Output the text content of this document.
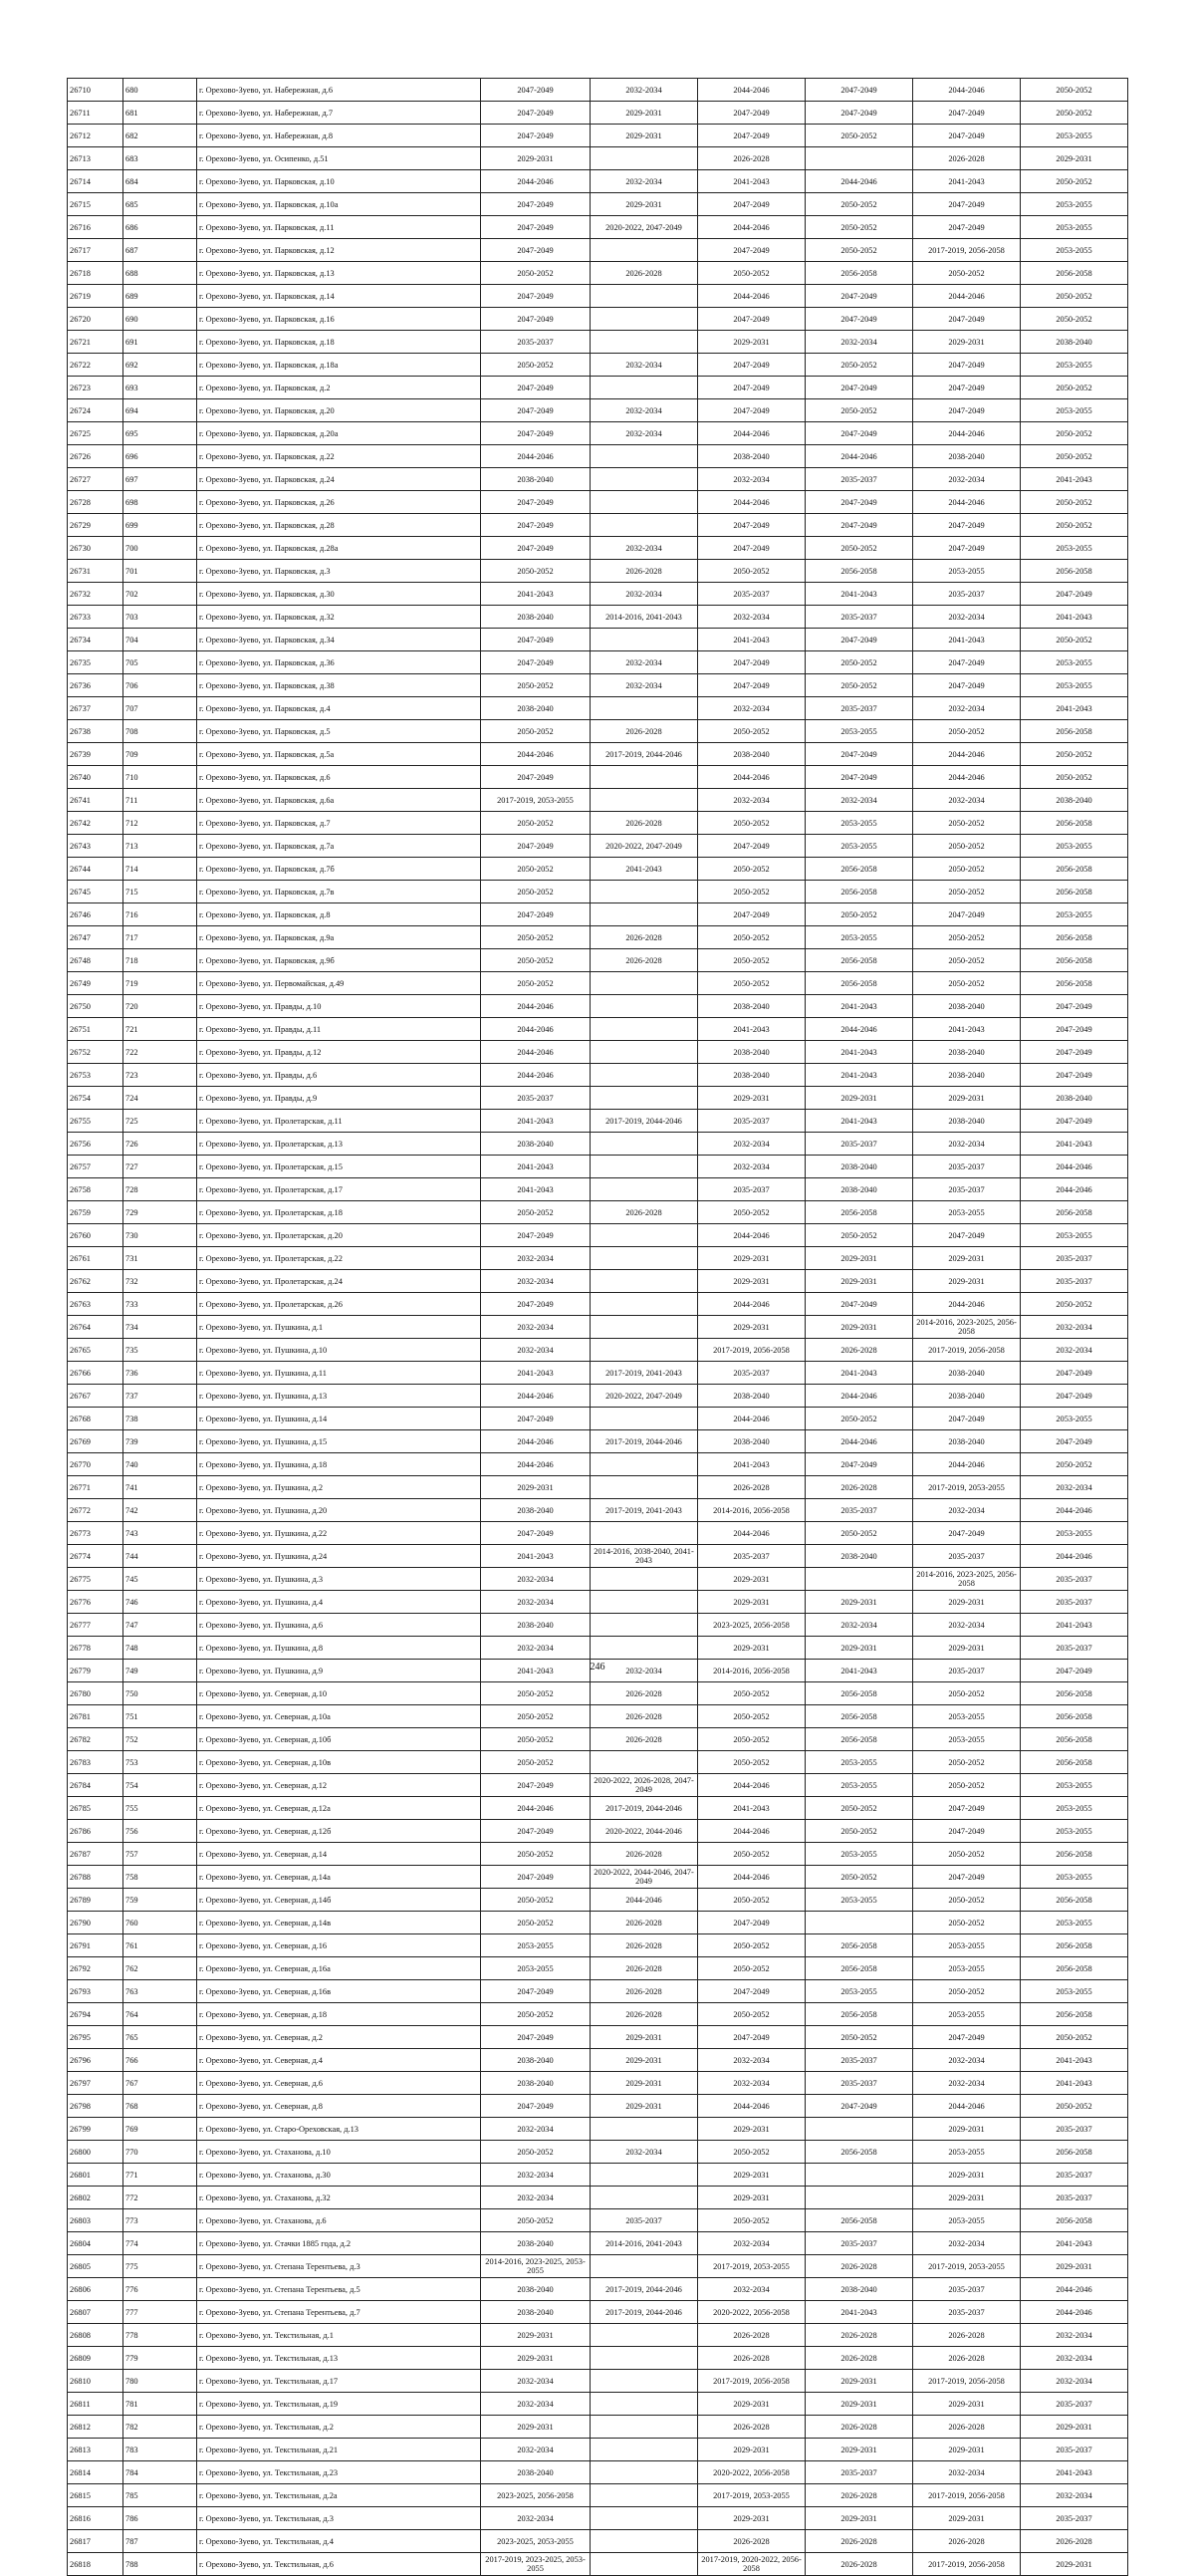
26710	680	г. Орехово-Зуево, ул. Набережная, д.6	2047-2049	2032-2034	2044-2046	2047-2049	2044-2046	2050-2052
26711	681	г. Орехово-Зуево, ул. Набережная, д.7	2047-2049	2029-2031	2047-2049	2047-2049	2047-2049	2050-2052
26712	682	г. Орехово-Зуево, ул. Набережная, д.8	2047-2049	2029-2031	2047-2049	2050-2052	2047-2049	2053-2055
26713	683	г. Орехово-Зуево, ул. Осипенко, д.51	2029-2031		2026-2028		2026-2028	2029-2031
26714	684	г. Орехово-Зуево, ул. Парковская, д.10	2044-2046	2032-2034	2041-2043	2044-2046	2041-2043	2050-2052
26715	685	г. Орехово-Зуево, ул. Парковская, д.10а	2047-2049	2029-2031	2047-2049	2050-2052	2047-2049	2053-2055
26716	686	г. Орехово-Зуево, ул. Парковская, д.11	2047-2049	2020-2022, 2047-2049	2044-2046	2050-2052	2047-2049	2053-2055
26717	687	г. Орехово-Зуево, ул. Парковская, д.12	2047-2049		2047-2049	2050-2052	2017-2019, 2056-2058	2053-2055
26718	688	г. Орехово-Зуево, ул. Парковская, д.13	2050-2052	2026-2028	2050-2052	2056-2058	2050-2052	2056-2058
26719	689	г. Орехово-Зуево, ул. Парковская, д.14	2047-2049		2044-2046	2047-2049	2044-2046	2050-2052
26720	690	г. Орехово-Зуево, ул. Парковская, д.16	2047-2049		2047-2049	2047-2049	2047-2049	2050-2052
26721	691	г. Орехово-Зуево, ул. Парковская, д.18	2035-2037		2029-2031	2032-2034	2029-2031	2038-2040
26722	692	г. Орехово-Зуево, ул. Парковская, д.18а	2050-2052	2032-2034	2047-2049	2050-2052	2047-2049	2053-2055
26723	693	г. Орехово-Зуево, ул. Парковская, д.2	2047-2049		2047-2049	2047-2049	2047-2049	2050-2052
26724	694	г. Орехово-Зуево, ул. Парковская, д.20	2047-2049	2032-2034	2047-2049	2050-2052	2047-2049	2053-2055
26725	695	г. Орехово-Зуево, ул. Парковская, д.20а	2047-2049	2032-2034	2044-2046	2047-2049	2044-2046	2050-2052
26726	696	г. Орехово-Зуево, ул. Парковская, д.22	2044-2046		2038-2040	2044-2046	2038-2040	2050-2052
26727	697	г. Орехово-Зуево, ул. Парковская, д.24	2038-2040		2032-2034	2035-2037	2032-2034	2041-2043
26728	698	г. Орехово-Зуево, ул. Парковская, д.26	2047-2049		2044-2046	2047-2049	2044-2046	2050-2052
26729	699	г. Орехово-Зуево, ул. Парковская, д.28	2047-2049		2047-2049	2047-2049	2047-2049	2050-2052
26730	700	г. Орехово-Зуево, ул. Парковская, д.28а	2047-2049	2032-2034	2047-2049	2050-2052	2047-2049	2053-2055
26731	701	г. Орехово-Зуево, ул. Парковская, д.3	2050-2052	2026-2028	2050-2052	2056-2058	2053-2055	2056-2058
26732	702	г. Орехово-Зуево, ул. Парковская, д.30	2041-2043	2032-2034	2035-2037	2041-2043	2035-2037	2047-2049
26733	703	г. Орехово-Зуево, ул. Парковская, д.32	2038-2040	2014-2016, 2041-2043	2032-2034	2035-2037	2032-2034	2041-2043
26734	704	г. Орехово-Зуево, ул. Парковская, д.34	2047-2049		2041-2043	2047-2049	2041-2043	2050-2052
26735	705	г. Орехово-Зуево, ул. Парковская, д.36	2047-2049	2032-2034	2047-2049	2050-2052	2047-2049	2053-2055
26736	706	г. Орехово-Зуево, ул. Парковская, д.38	2050-2052	2032-2034	2047-2049	2050-2052	2047-2049	2053-2055
26737	707	г. Орехово-Зуево, ул. Парковская, д.4	2038-2040		2032-2034	2035-2037	2032-2034	2041-2043
26738	708	г. Орехово-Зуево, ул. Парковская, д.5	2050-2052	2026-2028	2050-2052	2053-2055	2050-2052	2056-2058
26739	709	г. Орехово-Зуево, ул. Парковская, д.5а	2044-2046	2017-2019, 2044-2046	2038-2040	2047-2049	2044-2046	2050-2052
26740	710	г. Орехово-Зуево, ул. Парковская, д.6	2047-2049		2044-2046	2047-2049	2044-2046	2050-2052
26741	711	г. Орехово-Зуево, ул. Парковская, д.6а	2017-2019, 2053-2055		2032-2034	2032-2034	2032-2034	2038-2040
26742	712	г. Орехово-Зуево, ул. Парковская, д.7	2050-2052	2026-2028	2050-2052	2053-2055	2050-2052	2056-2058
26743	713	г. Орехово-Зуево, ул. Парковская, д.7а	2047-2049	2020-2022, 2047-2049	2047-2049	2053-2055	2050-2052	2053-2055
26744	714	г. Орехово-Зуево, ул. Парковская, д.7б	2050-2052	2041-2043	2050-2052	2056-2058	2050-2052	2056-2058
26745	715	г. Орехово-Зуево, ул. Парковская, д.7в	2050-2052		2050-2052	2056-2058	2050-2052	2056-2058
26746	716	г. Орехово-Зуево, ул. Парковская, д.8	2047-2049		2047-2049	2050-2052	2047-2049	2053-2055
26747	717	г. Орехово-Зуево, ул. Парковская, д.9а	2050-2052	2026-2028	2050-2052	2053-2055	2050-2052	2056-2058
26748	718	г. Орехово-Зуево, ул. Парковская, д.9б	2050-2052	2026-2028	2050-2052	2056-2058	2050-2052	2056-2058
26749	719	г. Орехово-Зуево, ул. Первомайская, д.49	2050-2052		2050-2052	2056-2058	2050-2052	2056-2058
26750	720	г. Орехово-Зуево, ул. Правды, д.10	2044-2046		2038-2040	2041-2043	2038-2040	2047-2049
26751	721	г. Орехово-Зуево, ул. Правды, д.11	2044-2046		2041-2043	2044-2046	2041-2043	2047-2049
26752	722	г. Орехово-Зуево, ул. Правды, д.12	2044-2046		2038-2040	2041-2043	2038-2040	2047-2049
26753	723	г. Орехово-Зуево, ул. Правды, д.6	2044-2046		2038-2040	2041-2043	2038-2040	2047-2049
26754	724	г. Орехово-Зуево, ул. Правды, д.9	2035-2037		2029-2031	2029-2031	2029-2031	2038-2040
26755	725	г. Орехово-Зуево, ул. Пролетарская, д.11	2041-2043	2017-2019, 2044-2046	2035-2037	2041-2043	2038-2040	2047-2049
26756	726	г. Орехово-Зуево, ул. Пролетарская, д.13	2038-2040		2032-2034	2035-2037	2032-2034	2041-2043
26757	727	г. Орехово-Зуево, ул. Пролетарская, д.15	2041-2043		2032-2034	2038-2040	2035-2037	2044-2046
26758	728	г. Орехово-Зуево, ул. Пролетарская, д.17	2041-2043		2035-2037	2038-2040	2035-2037	2044-2046
26759	729	г. Орехово-Зуево, ул. Пролетарская, д.18	2050-2052	2026-2028	2050-2052	2056-2058	2053-2055	2056-2058
26760	730	г. Орехово-Зуево, ул. Пролетарская, д.20	2047-2049		2044-2046	2050-2052	2047-2049	2053-2055
26761	731	г. Орехово-Зуево, ул. Пролетарская, д.22	2032-2034		2029-2031	2029-2031	2029-2031	2035-2037
26762	732	г. Орехово-Зуево, ул. Пролетарская, д.24	2032-2034		2029-2031	2029-2031	2029-2031	2035-2037
26763	733	г. Орехово-Зуево, ул. Пролетарская, д.26	2047-2049		2044-2046	2047-2049	2044-2046	2050-2052
26764	734	г. Орехово-Зуево, ул. Пушкина, д.1	2032-2034		2029-2031	2029-2031	2014-2016, 2023-2025, 2056-2058	2032-2034
26765	735	г. Орехово-Зуево, ул. Пушкина, д.10	2032-2034		2017-2019, 2056-2058	2026-2028	2017-2019, 2056-2058	2032-2034
26766	736	г. Орехово-Зуево, ул. Пушкина, д.11	2041-2043	2017-2019, 2041-2043	2035-2037	2041-2043	2038-2040	2047-2049
26767	737	г. Орехово-Зуево, ул. Пушкина, д.13	2044-2046	2020-2022, 2047-2049	2038-2040	2044-2046	2038-2040	2047-2049
26768	738	г. Орехово-Зуево, ул. Пушкина, д.14	2047-2049		2044-2046	2050-2052	2047-2049	2053-2055
26769	739	г. Орехово-Зуево, ул. Пушкина, д.15	2044-2046	2017-2019, 2044-2046	2038-2040	2044-2046	2038-2040	2047-2049
26770	740	г. Орехово-Зуево, ул. Пушкина, д.18	2044-2046		2041-2043	2047-2049	2044-2046	2050-2052
26771	741	г. Орехово-Зуево, ул. Пушкина, д.2	2029-2031		2026-2028	2026-2028	2017-2019, 2053-2055	2032-2034
26772	742	г. Орехово-Зуево, ул. Пушкина, д.20	2038-2040	2017-2019, 2041-2043	2014-2016, 2056-2058	2035-2037	2032-2034	2044-2046
26773	743	г. Орехово-Зуево, ул. Пушкина, д.22	2047-2049		2044-2046	2050-2052	2047-2049	2053-2055
26774	744	г. Орехово-Зуево, ул. Пушкина, д.24	2041-2043	2014-2016, 2038-2040, 2041-2043	2035-2037	2038-2040	2035-2037	2044-2046
26775	745	г. Орехово-Зуево, ул. Пушкина, д.3	2032-2034		2029-2031		2014-2016, 2023-2025, 2056-2058	2035-2037
26776	746	г. Орехово-Зуево, ул. Пушкина, д.4	2032-2034		2029-2031	2029-2031	2029-2031	2035-2037
26777	747	г. Орехово-Зуево, ул. Пушкина, д.6	2038-2040		2023-2025, 2056-2058	2032-2034	2032-2034	2041-2043
26778	748	г. Орехово-Зуево, ул. Пушкина, д.8	2032-2034		2029-2031	2029-2031	2029-2031	2035-2037
26779	749	г. Орехово-Зуево, ул. Пушкина, д.9	2041-2043	2032-2034	2014-2016, 2056-2058	2041-2043	2035-2037	2047-2049
26780	750	г. Орехово-Зуево, ул. Северная, д.10	2050-2052	2026-2028	2050-2052	2056-2058	2050-2052	2056-2058
26781	751	г. Орехово-Зуево, ул. Северная, д.10а	2050-2052	2026-2028	2050-2052	2056-2058	2053-2055	2056-2058
26782	752	г. Орехово-Зуево, ул. Северная, д.10б	2050-2052	2026-2028	2050-2052	2056-2058	2053-2055	2056-2058
26783	753	г. Орехово-Зуево, ул. Северная, д.10в	2050-2052		2050-2052	2053-2055	2050-2052	2056-2058
26784	754	г. Орехово-Зуево, ул. Северная, д.12	2047-2049	2020-2022, 2026-2028, 2047-2049	2044-2046	2053-2055	2050-2052	2053-2055
26785	755	г. Орехово-Зуево, ул. Северная, д.12а	2044-2046	2017-2019, 2044-2046	2041-2043	2050-2052	2047-2049	2053-2055
26786	756	г. Орехово-Зуево, ул. Северная, д.12б	2047-2049	2020-2022, 2044-2046	2044-2046	2050-2052	2047-2049	2053-2055
26787	757	г. Орехово-Зуево, ул. Северная, д.14	2050-2052	2026-2028	2050-2052	2053-2055	2050-2052	2056-2058
26788	758	г. Орехово-Зуево, ул. Северная, д.14а	2047-2049	2020-2022, 2044-2046, 2047-2049	2044-2046	2050-2052	2047-2049	2053-2055
26789	759	г. Орехово-Зуево, ул. Северная, д.14б	2050-2052	2044-2046	2050-2052	2053-2055	2050-2052	2056-2058
26790	760	г. Орехово-Зуево, ул. Северная, д.14в	2050-2052	2026-2028	2047-2049		2050-2052	2053-2055
26791	761	г. Орехово-Зуево, ул. Северная, д.16	2053-2055	2026-2028	2050-2052	2056-2058	2053-2055	2056-2058
26792	762	г. Орехово-Зуево, ул. Северная, д.16а	2053-2055	2026-2028	2050-2052	2056-2058	2053-2055	2056-2058
26793	763	г. Орехово-Зуево, ул. Северная, д.16в	2047-2049	2026-2028	2047-2049	2053-2055	2050-2052	2053-2055
26794	764	г. Орехово-Зуево, ул. Северная, д.18	2050-2052	2026-2028	2050-2052	2056-2058	2053-2055	2056-2058
26795	765	г. Орехово-Зуево, ул. Северная, д.2	2047-2049	2029-2031	2047-2049	2050-2052	2047-2049	2050-2052
26796	766	г. Орехово-Зуево, ул. Северная, д.4	2038-2040	2029-2031	2032-2034	2035-2037	2032-2034	2041-2043
26797	767	г. Орехово-Зуево, ул. Северная, д.6	2038-2040	2029-2031	2032-2034	2035-2037	2032-2034	2041-2043
26798	768	г. Орехово-Зуево, ул. Северная, д.8	2047-2049	2029-2031	2044-2046	2047-2049	2044-2046	2050-2052
26799	769	г. Орехово-Зуево, ул. Старо-Ореховская, д.13	2032-2034		2029-2031		2029-2031	2035-2037
26800	770	г. Орехово-Зуево, ул. Стаханова, д.10	2050-2052	2032-2034	2050-2052	2056-2058	2053-2055	2056-2058
26801	771	г. Орехово-Зуево, ул. Стаханова, д.30	2032-2034		2029-2031		2029-2031	2035-2037
26802	772	г. Орехово-Зуево, ул. Стаханова, д.32	2032-2034		2029-2031		2029-2031	2035-2037
26803	773	г. Орехово-Зуево, ул. Стаханова, д.6	2050-2052	2035-2037	2050-2052	2056-2058	2053-2055	2056-2058
26804	774	г. Орехово-Зуево, ул. Стачки 1885 года, д.2	2038-2040	2014-2016, 2041-2043	2032-2034	2035-2037	2032-2034	2041-2043
26805	775	г. Орехово-Зуево, ул. Степана Терентьева, д.3	2014-2016, 2023-2025, 2053-2055		2017-2019, 2053-2055	2026-2028	2017-2019, 2053-2055	2029-2031
26806	776	г. Орехово-Зуево, ул. Степана Терентьева, д.5	2038-2040	2017-2019, 2044-2046	2032-2034	2038-2040	2035-2037	2044-2046
26807	777	г. Орехово-Зуево, ул. Степана Терентьева, д.7	2038-2040	2017-2019, 2044-2046	2020-2022, 2056-2058	2041-2043	2035-2037	2044-2046
26808	778	г. Орехово-Зуево, ул. Текстильная, д.1	2029-2031		2026-2028	2026-2028	2026-2028	2032-2034
26809	779	г. Орехово-Зуево, ул. Текстильная, д.13	2029-2031		2026-2028	2026-2028	2026-2028	2032-2034
26810	780	г. Орехово-Зуево, ул. Текстильная, д.17	2032-2034		2017-2019, 2056-2058	2029-2031	2017-2019, 2056-2058	2032-2034
26811	781	г. Орехово-Зуево, ул. Текстильная, д.19	2032-2034		2029-2031	2029-2031	2029-2031	2035-2037
26812	782	г. Орехово-Зуево, ул. Текстильная, д.2	2029-2031		2026-2028	2026-2028	2026-2028	2029-2031
26813	783	г. Орехово-Зуево, ул. Текстильная, д.21	2032-2034		2029-2031	2029-2031	2029-2031	2035-2037
26814	784	г. Орехово-Зуево, ул. Текстильная, д.23	2038-2040		2020-2022, 2056-2058	2035-2037	2032-2034	2041-2043
26815	785	г. Орехово-Зуево, ул. Текстильная, д.2а	2023-2025, 2056-2058		2017-2019, 2053-2055	2026-2028	2017-2019, 2056-2058	2032-2034
26816	786	г. Орехово-Зуево, ул. Текстильная, д.3	2032-2034		2029-2031	2029-2031	2029-2031	2035-2037
26817	787	г. Орехово-Зуево, ул. Текстильная, д.4	2023-2025, 2053-2055		2026-2028	2026-2028	2026-2028	2026-2028
26818	788	г. Орехово-Зуево, ул. Текстильная, д.6	2017-2019, 2023-2025, 2053-2055		2017-2019, 2020-2022, 2056-2058	2026-2028	2017-2019, 2056-2058	2029-2031
246
